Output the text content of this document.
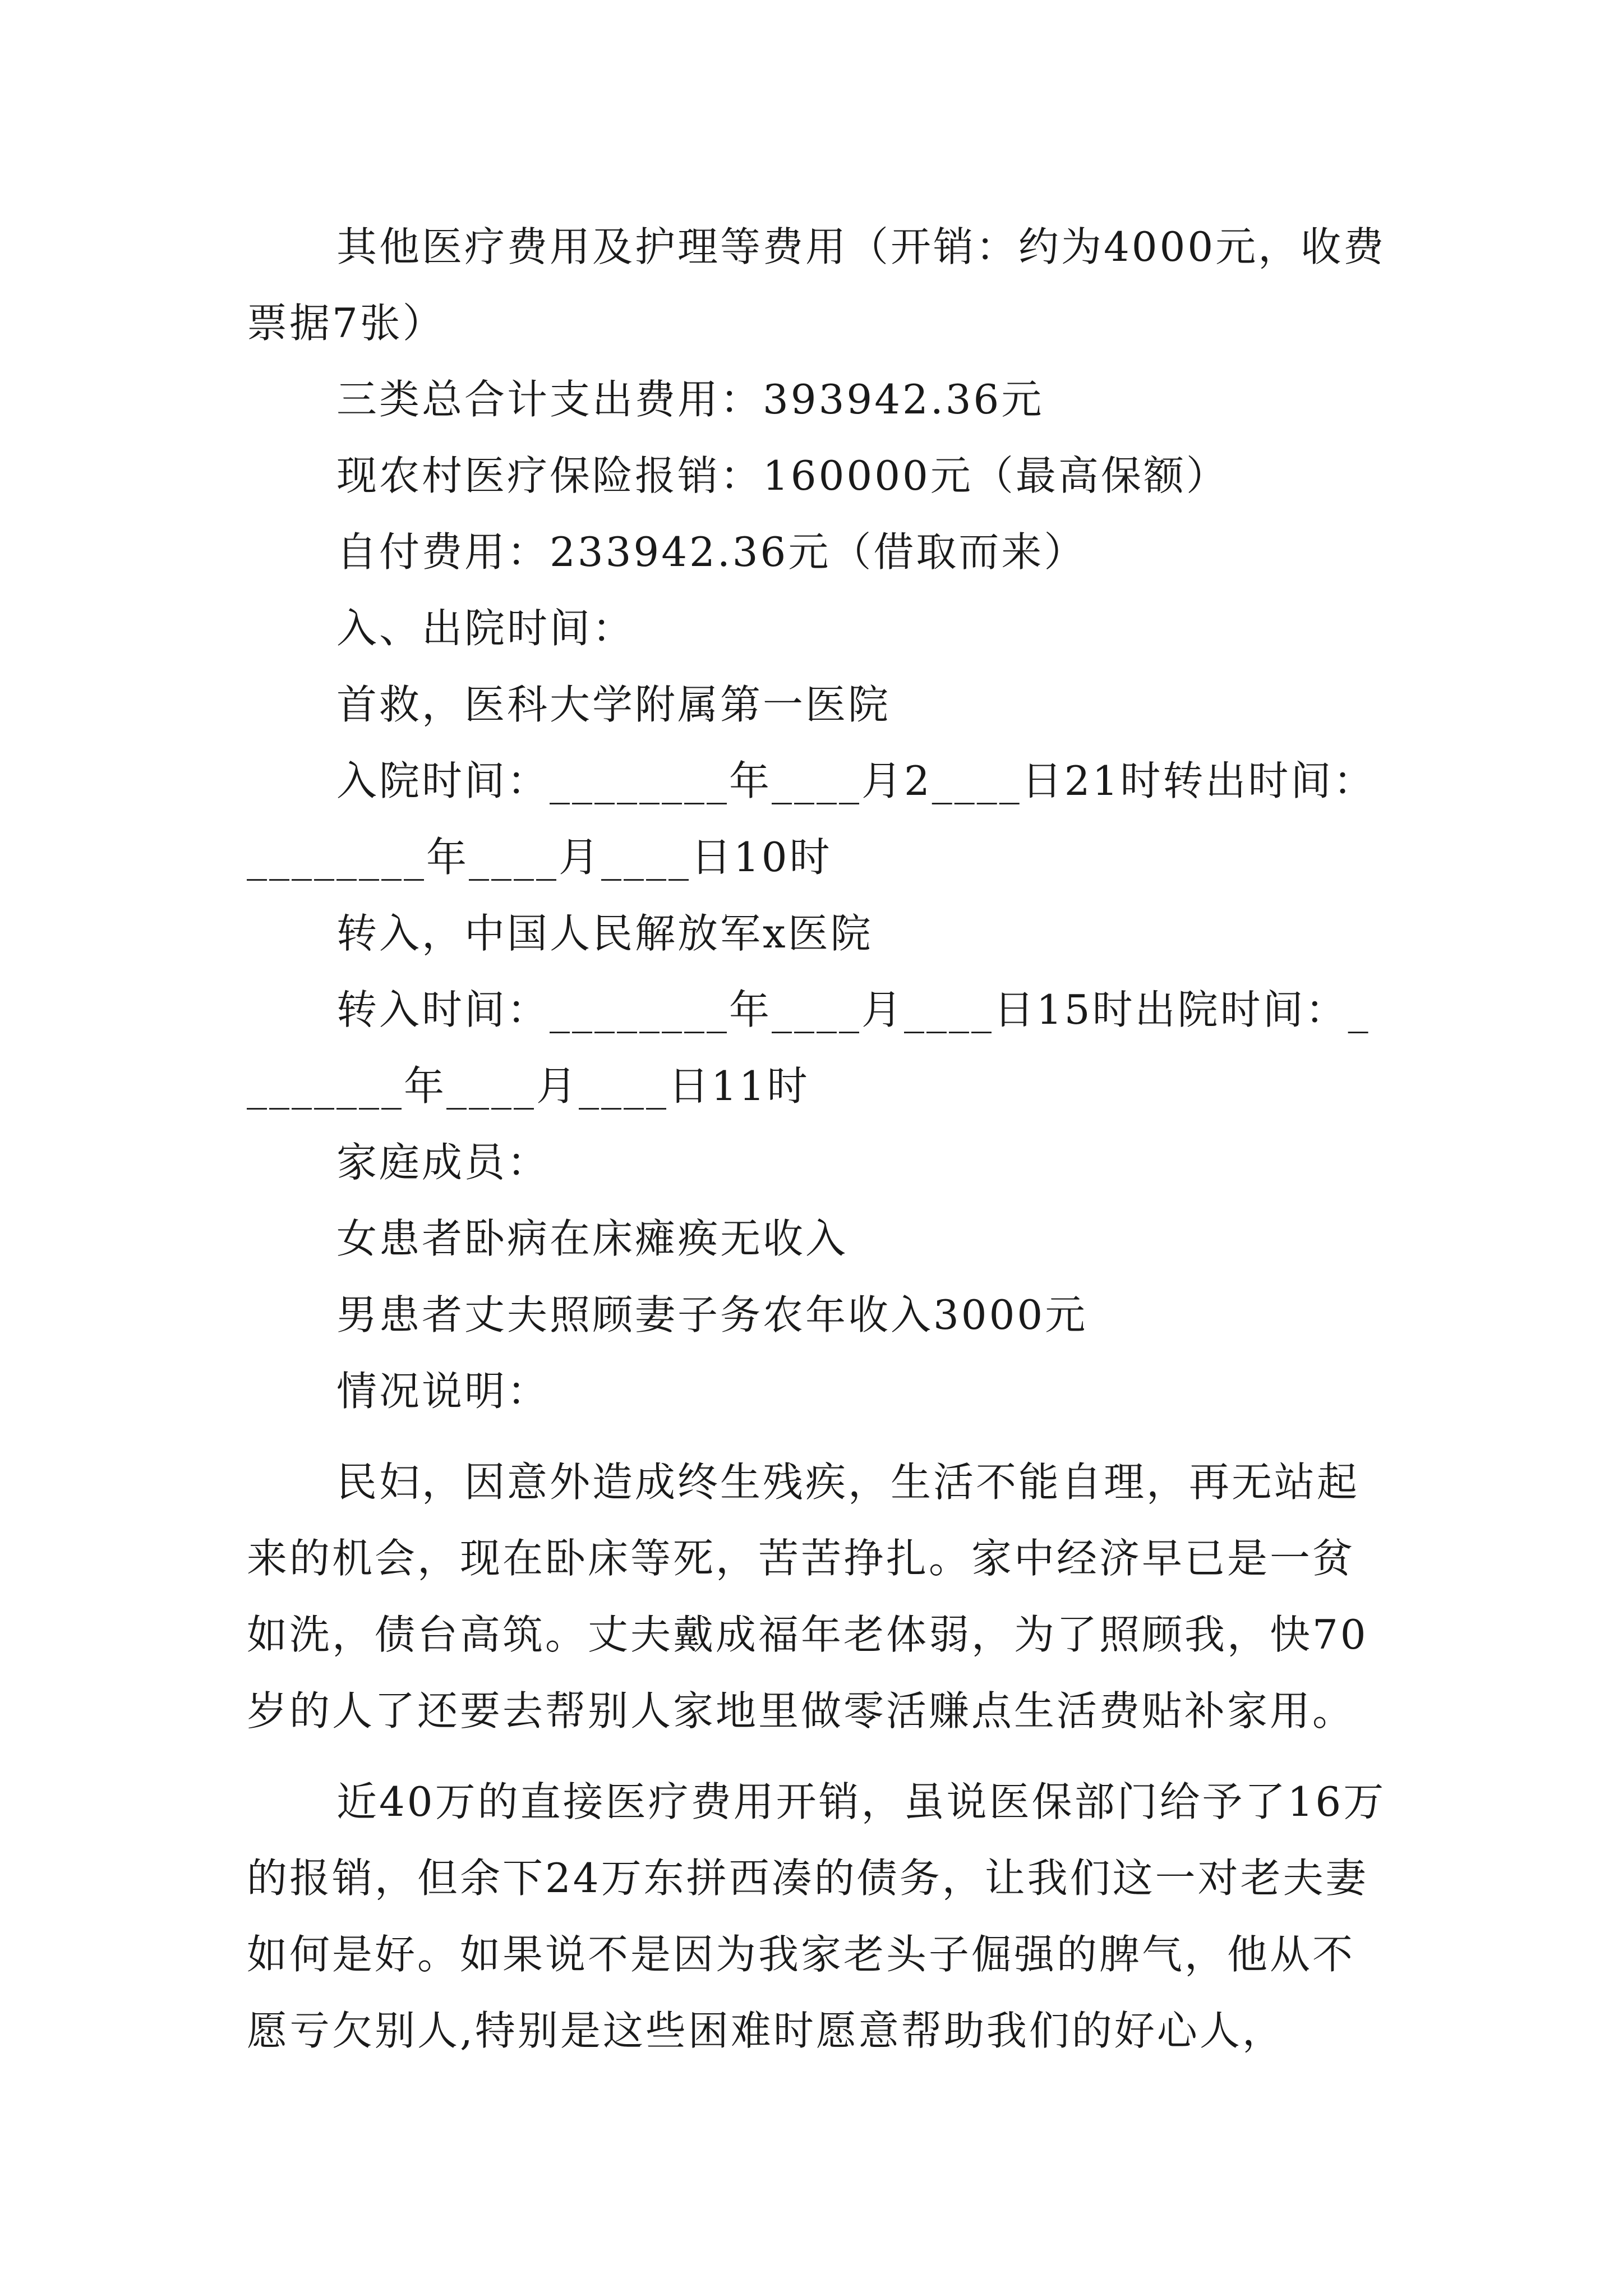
其他医疗费用及护理等费用（开销：约为4000元，收费票据7张）

三类总合计支出费用：393942.36元

现农村医疗保险报销：160000元（最高保额）

自付费用：233942.36元（借取而来）

入、出院时间：

首救，医科大学附属第一医院

入院时间：________年____月2____日21时转出时间：________年____月____日10时

转入，中国人民解放军x医院

转入时间：________年____月____日15时出院时间：________年____月____日11时

家庭成员：

女患者卧病在床瘫痪无收入

男患者丈夫照顾妻子务农年收入3000元

情况说明：

民妇，因意外造成终生残疾，生活不能自理，再无站起来的机会，现在卧床等死，苦苦挣扎。家中经济早已是一贫如洗，债台高筑。丈夫戴成福年老体弱，为了照顾我，快70岁的人了还要去帮别人家地里做零活赚点生活费贴补家用。

近40万的直接医疗费用开销，虽说医保部门给予了16万的报销，但余下24万东拼西凑的债务，让我们这一对老夫妻如何是好。如果说不是因为我家老头子倔强的脾气，他从不愿亏欠别人,特别是这些困难时愿意帮助我们的好心人，
